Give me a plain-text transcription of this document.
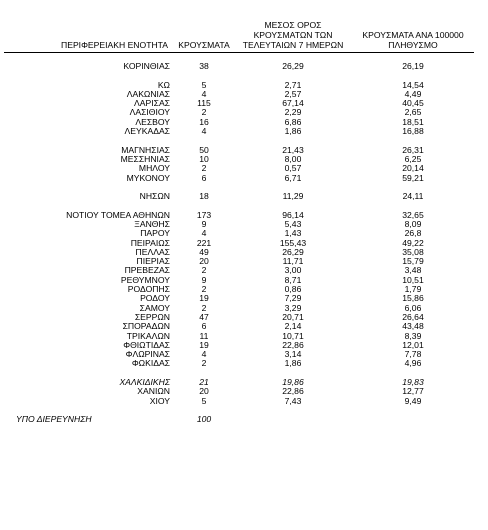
ΠΕΡΙΦΕΡΕΙΑΚΗ ΕΝΟΤΗΤΑ	ΚΡΟΥΣΜΑΤΑ	ΜΕΣΟΣ ΟΡΟΣ ΚΡΟΥΣΜΑΤΩΝ ΤΩΝ ΤΕΛΕΥΤΑΙΩΝ 7 ΗΜΕΡΩΝ	ΚΡΟΥΣΜΑΤΑ ΑΝΑ 100000 ΠΛΗΘΥΣΜΟ

ΚΟΡΙΝΘΙΑΣ	38	26,29	26,19

ΚΩ	5	2,71	14,54
ΛΑΚΩΝΙΑΣ	4	2,57	4,49
ΛΑΡΙΣΑΣ	115	67,14	40,45
ΛΑΣΙΘΙΟΥ	2	2,29	2,65
ΛΕΣΒΟΥ	16	6,86	18,51
ΛΕΥΚΑΔΑΣ	4	1,86	16,88

ΜΑΓΝΗΣΙΑΣ	50	21,43	26,31
ΜΕΣΣΗΝΙΑΣ	10	8,00	6,25
ΜΗΛΟΥ	2	0,57	20,14
ΜΥΚΟΝΟΥ	6	6,71	59,21

ΝΗΣΩΝ	18	11,29	24,11

ΝΟΤΙΟΥ ΤΟΜΕΑ ΑΘΗΝΩΝ	173	96,14	32,65
ΞΑΝΘΗΣ	9	5,43	8,09
ΠΑΡΟΥ	4	1,43	26,8
ΠΕΙΡΑΙΩΣ	221	155,43	49,22
ΠΕΛΛΑΣ	49	26,29	35,08
ΠΙΕΡΙΑΣ	20	11,71	15,79
ΠΡΕΒΕΖΑΣ	2	3,00	3,48
ΡΕΘΥΜΝΟΥ	9	8,71	10,51
ΡΟΔΟΠΗΣ	2	0,86	1,79
ΡΟΔΟΥ	19	7,29	15,86
ΣΑΜΟΥ	2	3,29	6,06
ΣΕΡΡΩΝ	47	20,71	26,64
ΣΠΟΡΑΔΩΝ	6	2,14	43,48
ΤΡΙΚΑΛΩΝ	11	10,71	8,39
ΦΘΙΩΤΙΔΑΣ	19	22,86	12,01
ΦΛΩΡΙΝΑΣ	4	3,14	7,78
ΦΩΚΙΔΑΣ	2	1,86	4,96

ΧΑΛΚΙΔΙΚΗΣ	21	19,86	19,83
ΧΑΝΙΩΝ	20	22,86	12,77
ΧΙΟΥ	5	7,43	9,49

ΥΠΟ ΔΙΕΡΕΥΝΗΣΗ	100		
